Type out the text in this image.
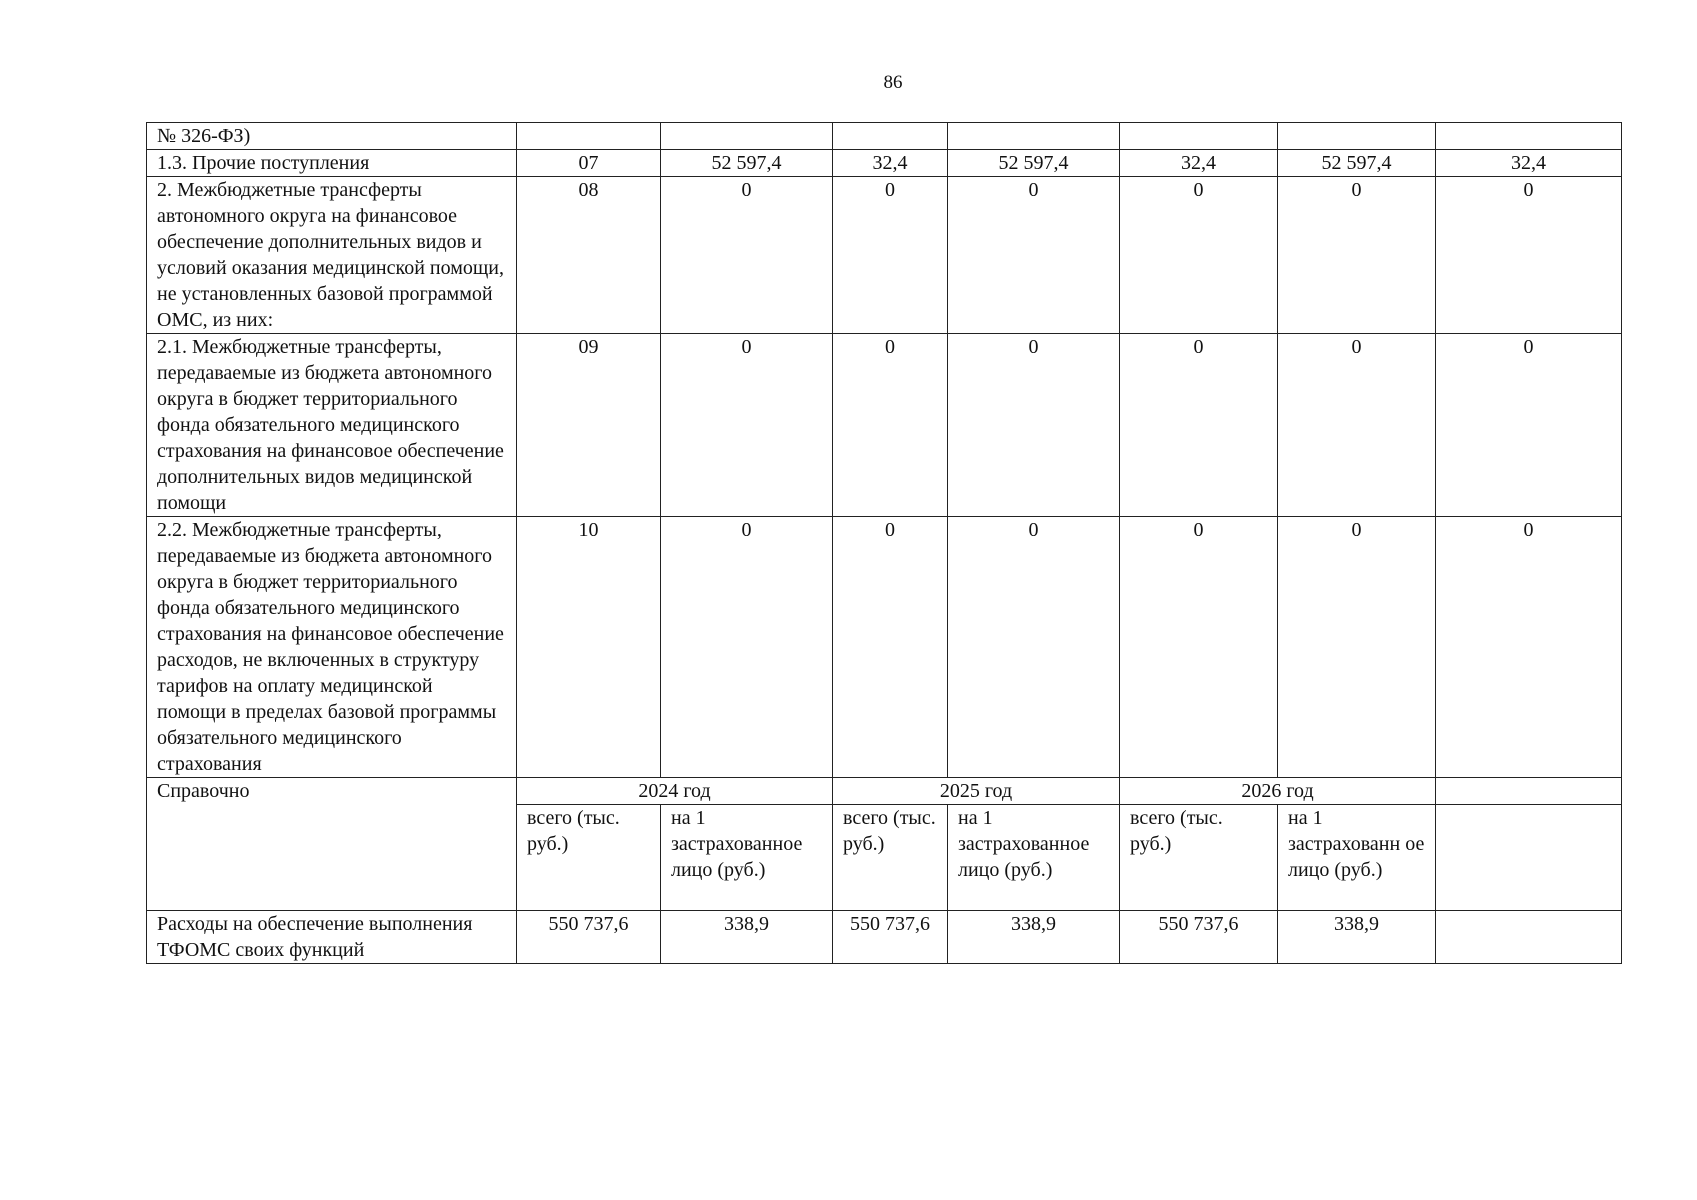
86
№ 326-ФЗ)							
1.3. Прочие поступления	07	52 597,4	32,4	52 597,4	32,4	52 597,4	32,4
2. Межбюджетные трансферты автономного округа на финансовое обеспечение дополнительных видов и условий оказания медицинской помощи, не установленных базовой программой ОМС, из них:	08	0	0	0	0	0	0
2.1. Межбюджетные трансферты, передаваемые из бюджета автономного округа в бюджет территориального фонда обязательного медицинского страхования на финансовое обеспечение дополнительных видов медицинской помощи	09	0	0	0	0	0	0
2.2. Межбюджетные трансферты, передаваемые из бюджета автономного округа в бюджет территориального фонда обязательного медицинского страхования на финансовое обеспечение расходов, не включенных в структуру тарифов на оплату медицинской помощи в пределах базовой программы обязательного медицинского страхования	10	0	0	0	0	0	0
Справочно	2024 год		2025 год		2026 год		
	всего (тыс. руб.)	на 1 застрахованное лицо (руб.)	всего (тыс. руб.)	на 1 застрахованное лицо (руб.)	всего (тыс. руб.)	на 1 застрахованн ое лицо (руб.)	
Расходы на обеспечение выполнения ТФОМС своих функций	550 737,6	338,9	550 737,6	338,9	550 737,6	338,9	
